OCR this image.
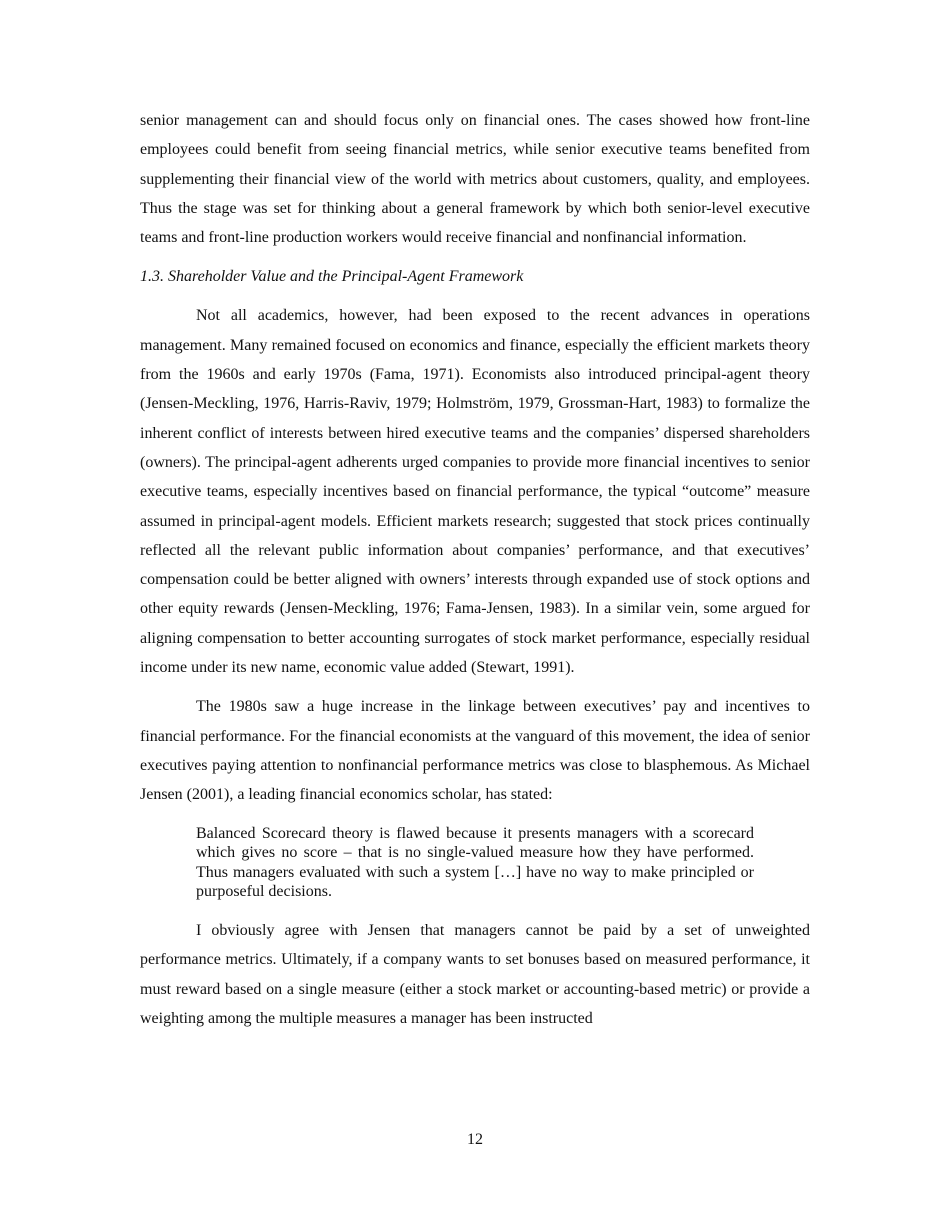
senior management can and should focus only on financial ones. The cases showed how front-line employees could benefit from seeing financial metrics, while senior executive teams benefited from supplementing their financial view of the world with metrics about customers, quality, and employees. Thus the stage was set for thinking about a general framework by which both senior-level executive teams and front-line production workers would receive financial and nonfinancial information.

1.3. Shareholder Value and the Principal-Agent Framework

Not all academics, however, had been exposed to the recent advances in operations management. Many remained focused on economics and finance, especially the efficient markets theory from the 1960s and early 1970s (Fama, 1971). Economists also introduced principal-agent theory (Jensen-Meckling, 1976, Harris-Raviv, 1979; Holmström, 1979, Grossman-Hart, 1983) to formalize the inherent conflict of interests between hired executive teams and the companies’ dispersed shareholders (owners). The principal-agent adherents urged companies to provide more financial incentives to senior executive teams, especially incentives based on financial performance, the typical “outcome” measure assumed in principal-agent models. Efficient markets research; suggested that stock prices continually reflected all the relevant public information about companies’ performance, and that executives’ compensation could be better aligned with owners’ interests through expanded use of stock options and other equity rewards (Jensen-Meckling, 1976; Fama-Jensen, 1983). In a similar vein, some argued for aligning compensation to better accounting surrogates of stock market performance, especially residual income under its new name, economic value added (Stewart, 1991).

The 1980s saw a huge increase in the linkage between executives’ pay and incentives to financial performance. For the financial economists at the vanguard of this movement, the idea of senior executives paying attention to nonfinancial performance metrics was close to blasphemous. As Michael Jensen (2001), a leading financial economics scholar, has stated:

Balanced Scorecard theory is flawed because it presents managers with a scorecard which gives no score – that is no single-valued measure how they have performed. Thus managers evaluated with such a system […] have no way to make principled or purposeful decisions.

I obviously agree with Jensen that managers cannot be paid by a set of unweighted performance metrics. Ultimately, if a company wants to set bonuses based on measured performance, it must reward based on a single measure (either a stock market or accounting-based metric) or provide a weighting among the multiple measures a manager has been instructed

12
